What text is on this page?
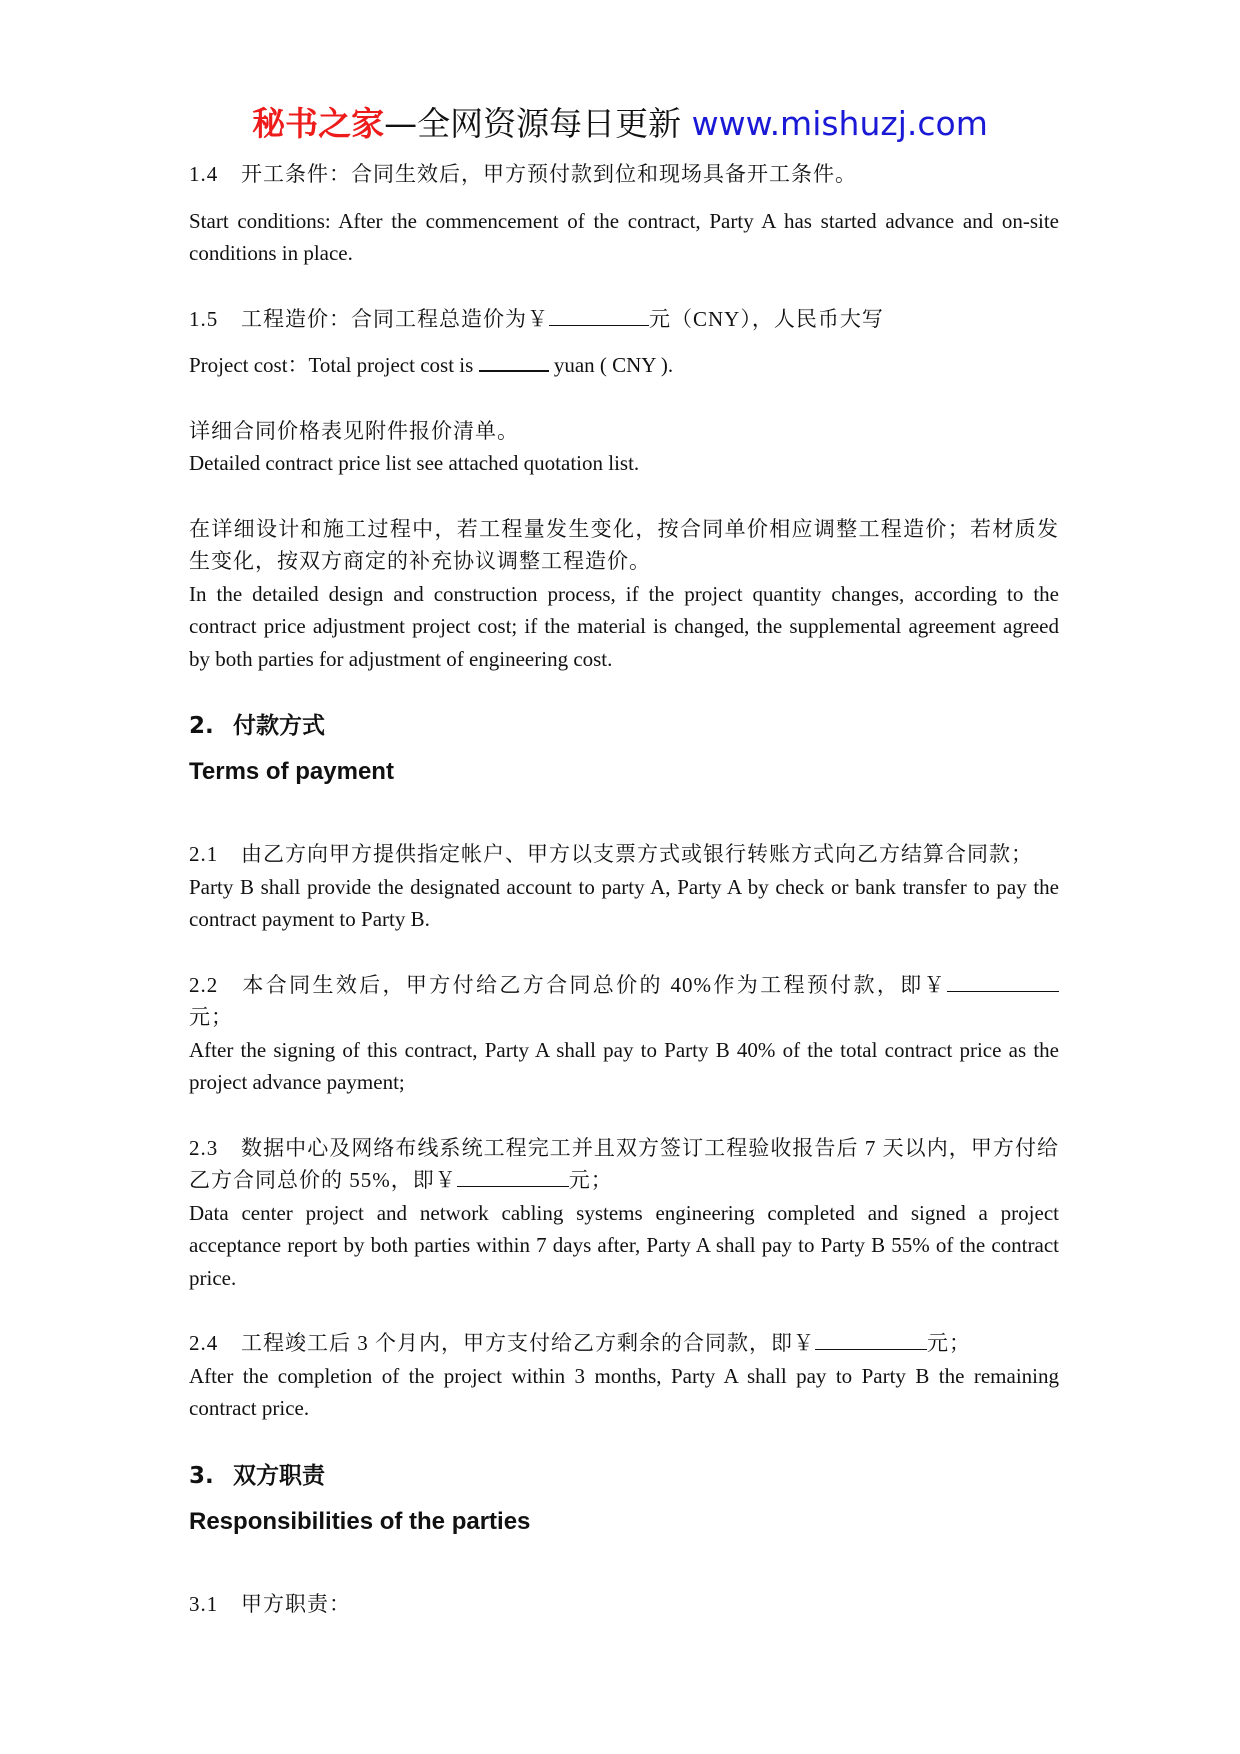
秘书之家—全网资源每日更新 www.mishuzj.com

1.4 开工条件：合同生效后，甲方预付款到位和现场具备开工条件。

Start conditions: After the commencement of the contract, Party A has started advance and on-site conditions in place.

1.5 工程造价：合同工程总造价为￥	元（CNY），人民币大写

Project cost：Total project cost is	yuan ( CNY ).

详细合同价格表见附件报价清单。

Detailed contract price list see attached quotation list.

在详细设计和施工过程中，若工程量发生变化，按合同单价相应调整工程造价；若材质发生变化，按双方商定的补充协议调整工程造价。

In the detailed design and construction process, if the project quantity changes, according to the contract price adjustment project cost; if the material is changed, the supplemental agreement agreed by both parties for adjustment of engineering cost.

2. 付款方式

Terms of payment

2.1 由乙方向甲方提供指定帐户、甲方以支票方式或银行转账方式向乙方结算合同款；

Party B shall provide the designated account to party A, Party A by check or bank transfer to pay the contract payment to Party B.

2.2 本合同生效后，甲方付给乙方合同总价的 40%作为工程预付款，即￥元；

After the signing of this contract, Party A shall pay to Party B 40% of the total contract price as the project advance payment;

2.3 数据中心及网络布线系统工程完工并且双方签订工程验收报告后 7 天以内，甲方付给乙方合同总价的 55%，即￥	元；

Data center project and network cabling systems engineering completed and signed a project acceptance report by both parties within 7 days after, Party A shall pay to Party B 55% of the contract price.

2.4 工程竣工后 3 个月内，甲方支付给乙方剩余的合同款，即￥	元；

After the completion of the project within 3 months, Party A shall pay to Party B the remaining contract price.

3. 双方职责

Responsibilities of the parties

3.1 甲方职责：
